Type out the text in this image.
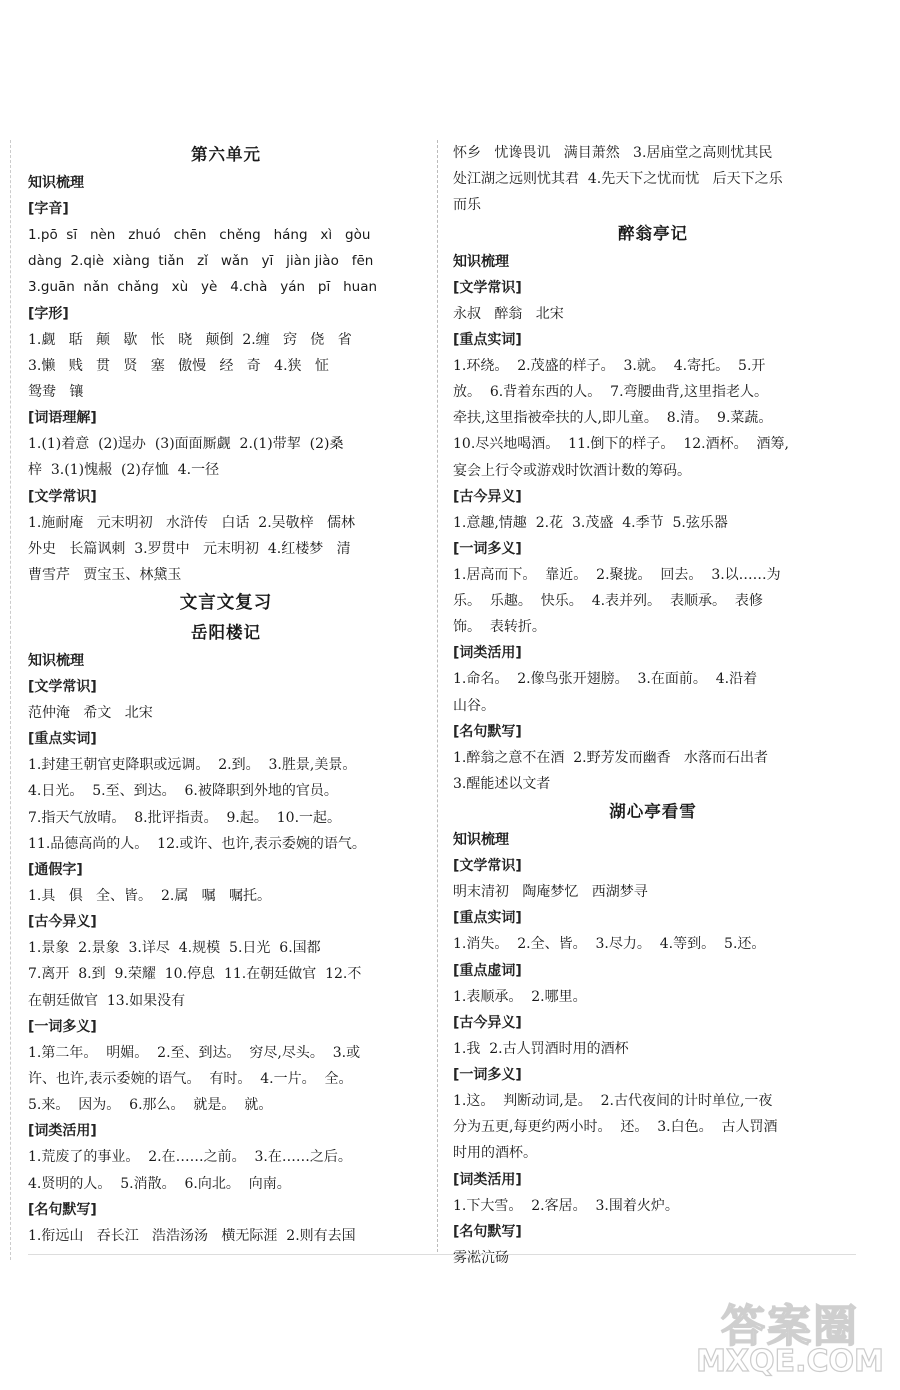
第六单元
知识梳理
[字音]
1.pō  sī   nèn   zhuó   chēn   chěng   háng   xì   gòu
dàng  2.qiè  xiàng  tiǎn   zǐ   wǎn   yī   jiàn jiào   fēn
3.guān  nǎn  chǎng   xù   yè   4.chà   yán   pī   huan
[字形]
1.觑   聒   颠   歇   怅   晓   颠倒  2.缠   窍   侥   省
3.懒   贱   贯   贤   塞   傲慢   经   奇   4.狭   怔
鸳鸯   镶
[词语理解]
1.(1)着意  (2)逞办  (3)面面厮觑  2.(1)带挈  (2)桑
梓  3.(1)愧赧  (2)存恤  4.一径
[文学常识]
1.施耐庵   元末明初   水浒传   白话  2.吴敬梓   儒林
外史   长篇讽刺  3.罗贯中   元末明初  4.红楼梦   清
曹雪芹   贾宝玉、林黛玉
文言文复习
岳阳楼记
知识梳理
[文学常识]
范仲淹   希文   北宋
[重点实词]
1.封建王朝官吏降职或远调。  2.到。  3.胜景,美景。
4.日光。  5.至、到达。  6.被降职到外地的官员。
7.指天气放晴。  8.批评指责。  9.起。  10.一起。
11.品德高尚的人。  12.或许、也许,表示委婉的语气。
[通假字]
1.具   俱   全、皆。  2.属   嘱   嘱托。
[古今异义]
1.景象  2.景象  3.详尽  4.规模  5.日光  6.国都
7.离开  8.到  9.荣耀  10.停息  11.在朝廷做官  12.不
在朝廷做官  13.如果没有
[一词多义]
1.第二年。  明媚。  2.至、到达。  穷尽,尽头。  3.或
许、也许,表示委婉的语气。  有时。  4.一片。  全。
5.来。  因为。  6.那么。  就是。  就。
[词类活用]
1.荒废了的事业。  2.在……之前。  3.在……之后。
4.贤明的人。  5.消散。  6.向北。  向南。
[名句默写]
1.衔远山   吞长江   浩浩汤汤   横无际涯  2.则有去国
怀乡   忧谗畏讥   满目萧然   3.居庙堂之高则忧其民
处江湖之远则忧其君  4.先天下之忧而忧   后天下之乐
而乐
醉翁亭记
知识梳理
[文学常识]
永叔   醉翁   北宋
[重点实词]
1.环绕。  2.茂盛的样子。  3.就。  4.寄托。  5.开
放。  6.背着东西的人。  7.弯腰曲背,这里指老人。
牵扶,这里指被牵扶的人,即儿童。  8.清。  9.菜蔬。
10.尽兴地喝酒。  11.倒下的样子。  12.酒杯。  酒筹,
宴会上行令或游戏时饮酒计数的筹码。
[古今异义]
1.意趣,情趣  2.花  3.茂盛  4.季节  5.弦乐器
[一词多义]
1.居高而下。  靠近。  2.聚拢。  回去。  3.以……为
乐。  乐趣。  快乐。  4.表并列。  表顺承。  表修
饰。  表转折。
[词类活用]
1.命名。  2.像鸟张开翅膀。  3.在面前。  4.沿着
山谷。
[名句默写]
1.醉翁之意不在酒  2.野芳发而幽香   水落而石出者
3.醒能述以文者
湖心亭看雪
知识梳理
[文学常识]
明末清初   陶庵梦忆   西湖梦寻
[重点实词]
1.消失。  2.全、皆。  3.尽力。  4.等到。  5.还。
[重点虚词]
1.表顺承。  2.哪里。
[古今异义]
1.我  2.古人罚酒时用的酒杯
[一词多义]
1.这。  判断动词,是。  2.古代夜间的计时单位,一夜
分为五更,每更约两小时。  还。  3.白色。  古人罚酒
时用的酒杯。
[词类活用]
1.下大雪。  2.客居。  3.围着火炉。
[名句默写]
雾凇沆砀
答案圈
MXQE.COM
